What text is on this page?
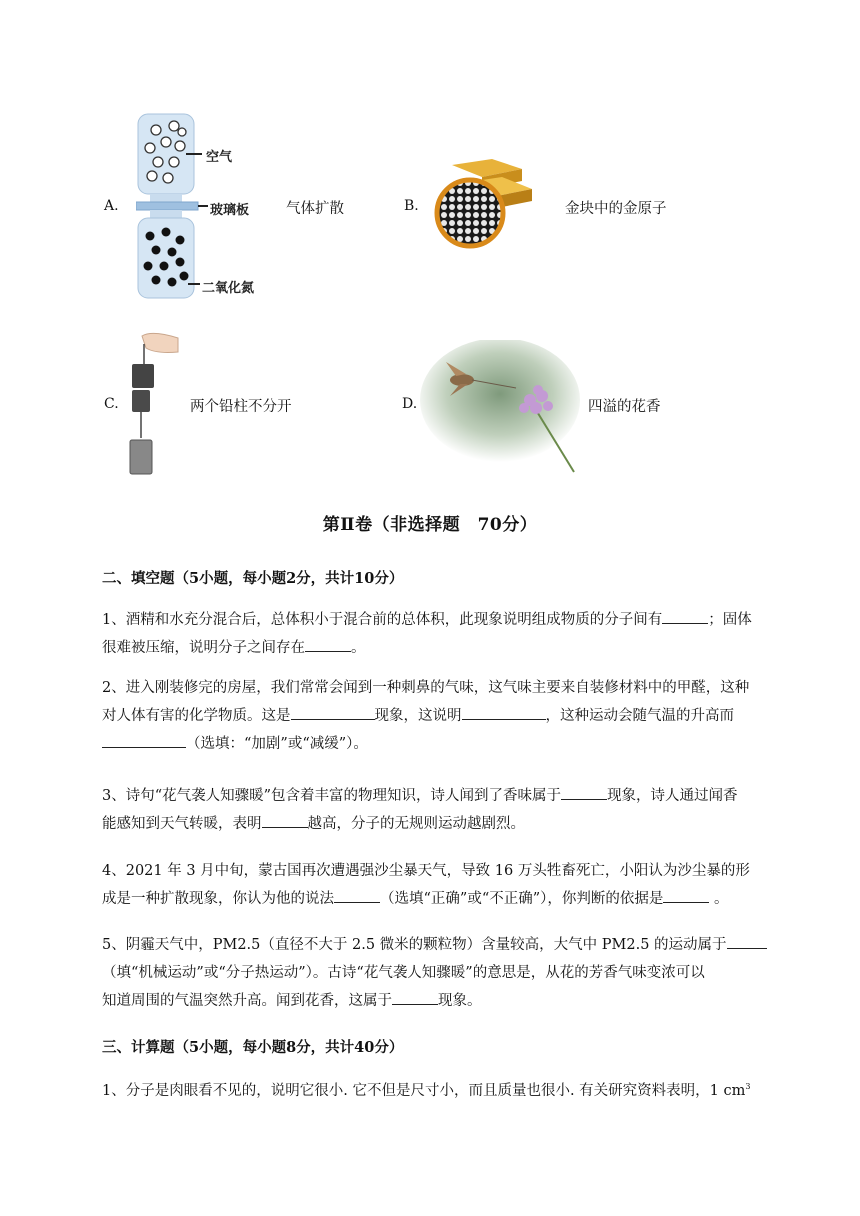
A.
空气
玻璃板
二氧化氮
气体扩散	B.	金块中的金原子
C.	两个铅柱不分开	D.	四溢的花香
第Ⅱ卷（非选择题　70分）
二、填空题（5小题，每小题2分，共计10分）
1、酒精和水充分混合后，总体积小于混合前的总体积，此现象说明组成物质的分子间有	；固体
很难被压缩，说明分子之间存在	。
2、进入刚装修完的房屋，我们常常会闻到一种刺鼻的气味，这气味主要来自装修材料中的甲醛，这种
对人体有害的化学物质。这是	现象，这说明	，这种运动会随气温的升高而
（选填：“加剧”或“减缓”）。
3、诗句“花气袭人知骤暖”包含着丰富的物理知识，诗人闻到了香味属于	现象，诗人通过闻香
能感知到天气转暖，表明	越高，分子的无规则运动越剧烈。
4、2021 年 3 月中旬，蒙古国再次遭遇强沙尘暴天气，导致 16 万头牲畜死亡，小阳认为沙尘暴的形
成是一种扩散现象，你认为他的说法	（选填“正确”或“不正确”），你判断的依据是	。
5、阴霾天气中，PM2.5（直径不大于 2.5 微米的颗粒物）含量较高，大气中 PM2.5 的运动属于
（填“机械运动”或“分子热运动”）。古诗“花气袭人知骤暖”的意思是，从花的芳香气味变浓可以
知道周围的气温突然升高。闻到花香，这属于	现象。
三、计算题（5小题，每小题8分，共计40分）
1、分子是肉眼看不见的，说明它很小. 它不但是尺寸小，而且质量也很小. 有关研究资料表明，1 $cm^3$
